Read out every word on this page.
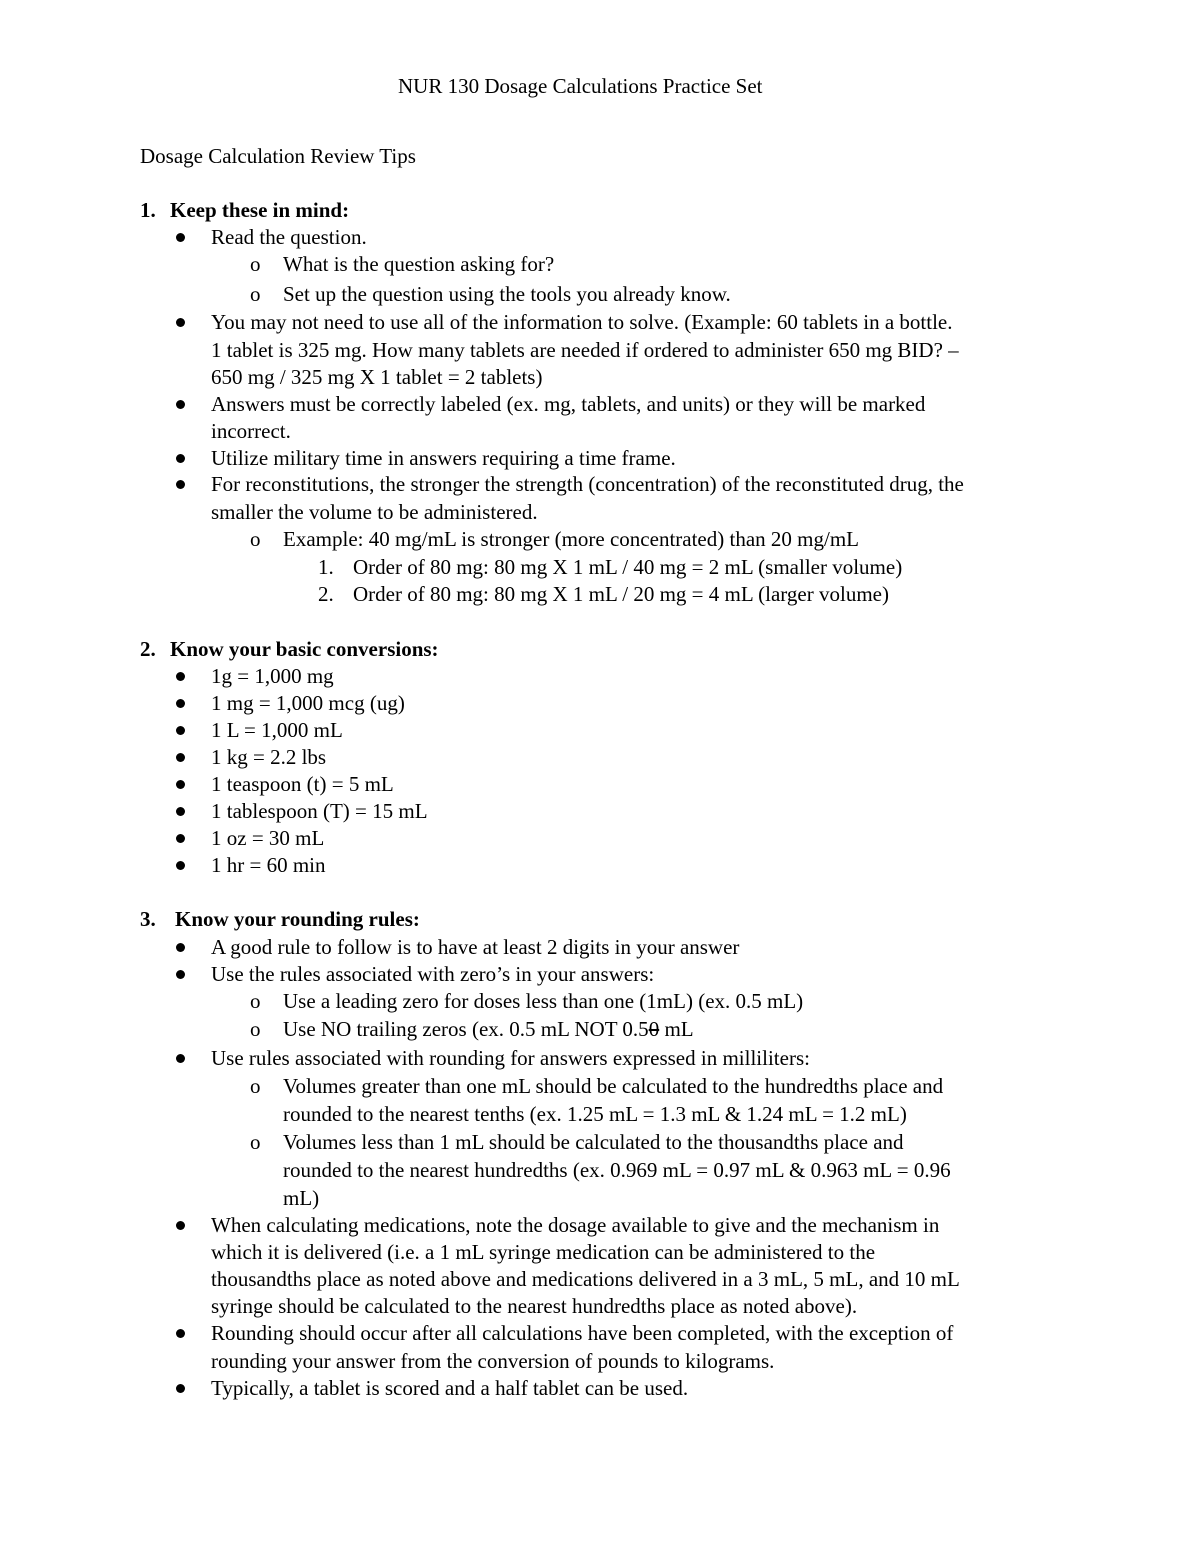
NUR 130 Dosage Calculations Practice Set
Dosage Calculation Review Tips
1. Keep these in mind:
Read the question.
o What is the question asking for?
o Set up the question using the tools you already know.
You may not need to use all of the information to solve. (Example: 60 tablets in a bottle.
1 tablet is 325 mg. How many tablets are needed if ordered to administer 650 mg BID? –
650 mg / 325 mg X 1 tablet = 2 tablets)
Answers must be correctly labeled (ex. mg, tablets, and units) or they will be marked
incorrect.
Utilize military time in answers requiring a time frame.
For reconstitutions, the stronger the strength (concentration) of the reconstituted drug, the
smaller the volume to be administered.
o Example: 40 mg/mL is stronger (more concentrated) than 20 mg/mL
1. Order of 80 mg: 80 mg X 1 mL / 40 mg = 2 mL (smaller volume)
2. Order of 80 mg: 80 mg X 1 mL / 20 mg = 4 mL (larger volume)
2. Know your basic conversions:
1g = 1,000 mg
1 mg = 1,000 mcg (ug)
1 L = 1,000 mL
1 kg = 2.2 lbs
1 teaspoon (t) = 5 mL
1 tablespoon (T) = 15 mL
1 oz = 30 mL
1 hr = 60 min
3. Know your rounding rules:
A good rule to follow is to have at least 2 digits in your answer
Use the rules associated with zero’s in your answers:
o Use a leading zero for doses less than one (1mL) (ex. 0.5 mL)
o Use NO trailing zeros (ex. 0.5 mL NOT 0.50 mL
Use rules associated with rounding for answers expressed in milliliters:
o Volumes greater than one mL should be calculated to the hundredths place and
rounded to the nearest tenths (ex. 1.25 mL = 1.3 mL & 1.24 mL = 1.2 mL)
o Volumes less than 1 mL should be calculated to the thousandths place and
rounded to the nearest hundredths (ex. 0.969 mL = 0.97 mL & 0.963 mL = 0.96
mL)
When calculating medications, note the dosage available to give and the mechanism in
which it is delivered (i.e. a 1 mL syringe medication can be administered to the
thousandths place as noted above and medications delivered in a 3 mL, 5 mL, and 10 mL
syringe should be calculated to the nearest hundredths place as noted above).
Rounding should occur after all calculations have been completed, with the exception of
rounding your answer from the conversion of pounds to kilograms.
Typically, a tablet is scored and a half tablet can be used.
